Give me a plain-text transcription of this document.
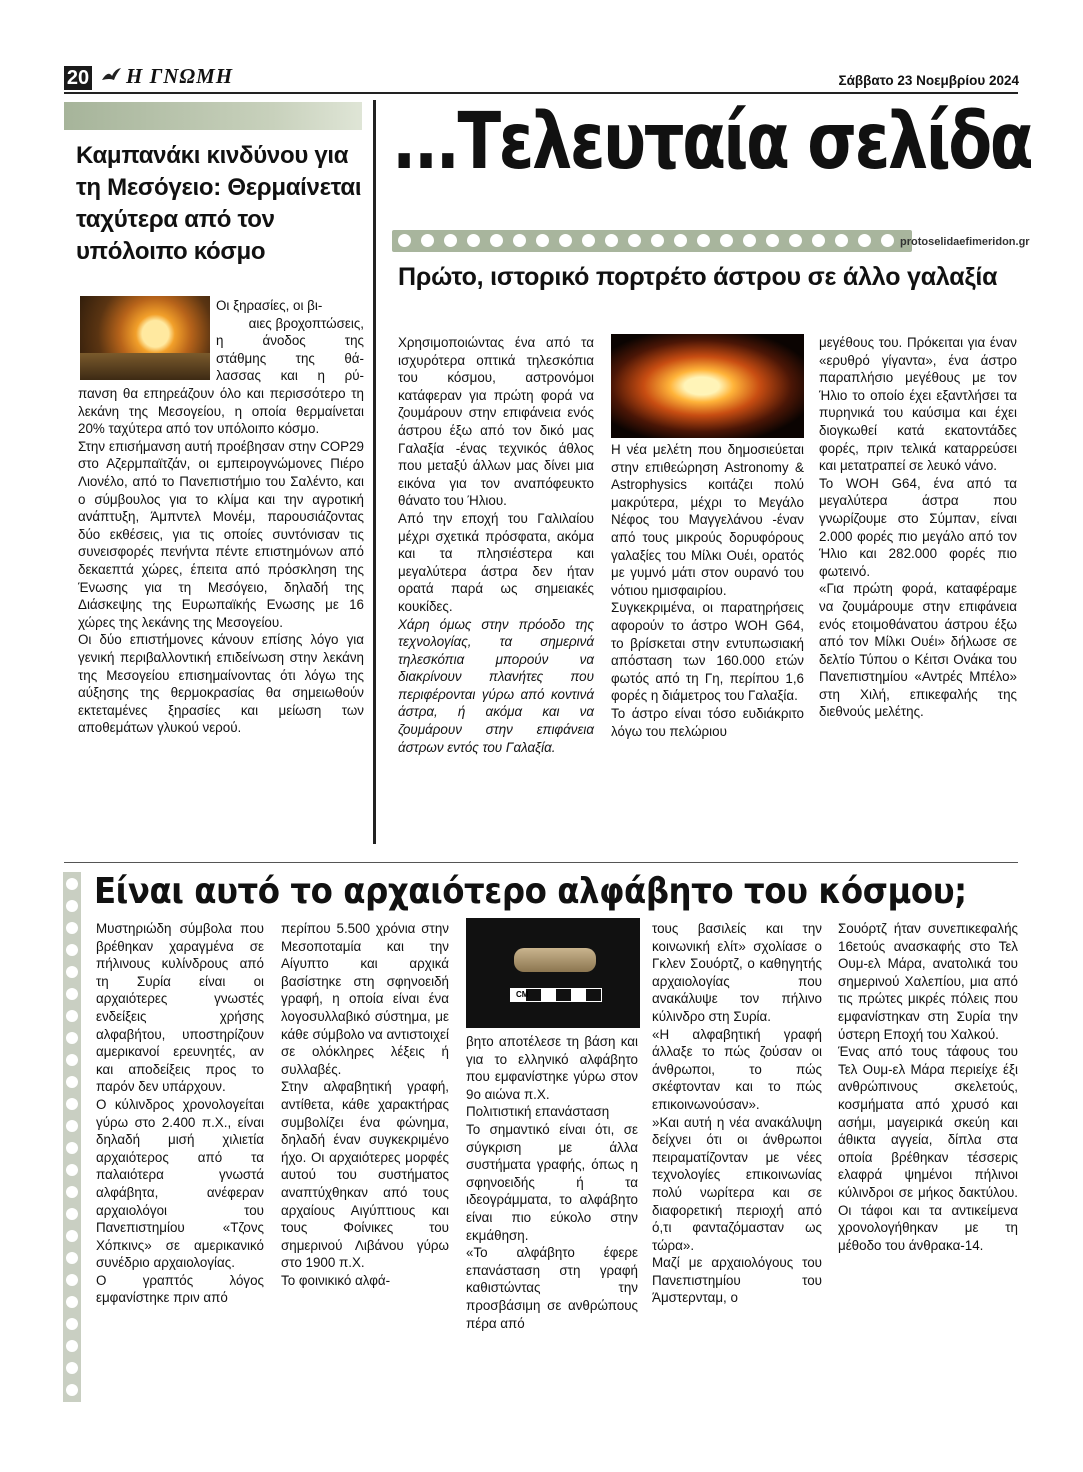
20 Η ΓΝΩΜΗ	Σάββατο 23 Νοεμβρίου 2024
Καμπανάκι κινδύνου για τη Μεσόγειο: Θερμαίνεται ταχύτερα από τον υπόλοιπο κόσμο

Οι ξηρασίες, οι βι-

αιες βροχοπτώσεις,

η άνοδος της

στάθμης της θά-

λασσας και η ρύ-

πανση θα επηρεάζουν όλο και περισσότερο τη λεκάνη της Μεσογείου, η οποία θερμαίνεται 20% ταχύτερα από τον υπόλοιπο κόσμο.

Στην επισήμανση αυτή προέβησαν στην COP29 στο Αζερμπαϊτζάν, οι εμπειρογνώμονες Πιέρο Λιονέλο, από το Πανεπιστήμιο του Σαλέντο, και ο σύμβουλος για το κλίμα και την αγροτική ανάπτυξη, Άμπντελ Μονέμ, παρουσιάζοντας δύο εκθέσεις, για τις οποίες συντόνισαν τις συνεισφορές πενήντα πέντε επιστημόνων από δεκαεπτά χώρες, έπειτα από πρόσκληση της Ένωσης για τη Μεσόγειο, δηλαδή της Διάσκεψης της Ευρωπαϊκής Ενωσης με 16 χώρες της λεκάνης της Μεσογείου.

Οι δύο επιστήμονες κάνουν επίσης λόγο για γενική περιβαλλοντική επιδείνωση στην λεκάνη της Μεσογείου επισημαίνοντας ότι λόγω της αύξησης της θερμοκρασίας θα σημειωθούν εκτεταμένες ξηρασίες και μείωση των αποθεμάτων γλυκού νερού.

...Τελευταία σελίδα
protoselidaefimeridon.gr
Πρώτο, ιστορικό πορτρέτο άστρου σε άλλο γαλαξία

Χρησιμοποιώντας ένα από τα ισχυρότερα οπτικά τηλεσκόπια του κόσμου, αστρονόμοι κατάφεραν για πρώτη φορά να ζουμάρουν στην επιφάνεια ενός άστρου έξω από τον δικό μας Γαλαξία -ένας τεχνικός άθλος που μεταξύ άλλων μας δίνει μια εικόνα για τον αναπόφευκτο θάνατο του Ήλιου.

Από την εποχή του Γαλιλαίου μέχρι σχετικά πρόσφατα, ακόμα και τα πλησιέστερα και μεγαλύτερα άστρα δεν ήταν ορατά παρά ως σημειακές κουκίδες.

Χάρη όμως στην πρόοδο της τεχνολογίας, τα σημερινά τηλεσκόπια μπορούν να διακρίνουν πλανήτες που περιφέρονται γύρω από κοντινά άστρα, ή ακόμα και να ζουμάρουν στην επιφάνεια άστρων εντός του Γαλαξία.

Η νέα μελέτη που δημοσιεύεται στην επιθεώρηση Astronomy & Astrophysics κοιτάζει πολύ μακρύτερα, μέχρι το Μεγάλο Νέφος του Μαγγελάνου -έναν από τους μικρούς δορυφόρους γαλαξίες του Μίλκι Ουέι, ορατός με γυμνό μάτι στον ουρανό του νότιου ημισφαιρίου.

Συγκεκριμένα, οι παρατηρήσεις αφορούν το άστρο WOH G64, το βρίσκεται στην εντυπωσιακή απόσταση των 160.000 ετών φωτός από τη Γη, περίπου 1,6 φορές η διάμετρος του Γαλαξία.

Το άστρο είναι τόσο ευδιάκριτο λόγω του πελώριου

μεγέθους του. Πρόκειται για έναν «ερυθρό γίγαντα», ένα άστρο παραπλήσιο μεγέθους με τον Ήλιο το οποίο έχει εξαντλήσει τα πυρηνικά του καύσιμα και έχει διογκωθεί κατά εκατοντάδες φορές, πριν τελικά καταρρεύσει και μετατραπεί σε λευκό νάνο.

Το WOH G64, ένα από τα μεγαλύτερα άστρα που γνωρίζουμε στο Σύμπαν, είναι 2.000 φορές πιο μεγάλο από τον Ήλιο και 282.000 φορές πιο φωτεινό.

«Για πρώτη φορά, καταφέραμε να ζουμάρουμε στην επιφάνεια ενός ετοιμοθάνατου άστρου έξω από τον Μίλκι Ουέι» δήλωσε σε δελτίο Τύπου ο Κέιτσι Ονάκα του Πανεπιστημίου «Αντρές Μπέλο» στη Χιλή, επικεφαλής της διεθνούς μελέτης.

Είναι αυτό το αρχαιότερο αλφάβητο του κόσμου;

Μυστηριώδη σύμβολα που βρέθηκαν χαραγμένα σε πήλινους κυλίνδρους από τη Συρία είναι οι αρχαιότερες γνωστές ενδείξεις χρήσης αλφαβήτου, υποστηρίζουν αμερικανοί ερευνητές, αν και αποδείξεις προς το παρόν δεν υπάρχουν.

Ο κύλινδρος χρονολογείται γύρω στο 2.400 π.Χ., είναι δηλαδή μισή χιλιετία αρχαιότερος από τα παλαιότερα γνωστά αλφάβητα, ανέφεραν αρχαιολόγοι του Πανεπιστημίου «Τζονς Χόπκινς» σε αμερικανικό συνέδριο αρχαιολογίας.

Ο γραπτός λόγος εμφανίστηκε πριν από

περίπου 5.500 χρόνια στην Μεσοποταμία και την Αίγυπτο και αρχικά βασίστηκε στη σφηνοειδή γραφή, η οποία είναι ένα λογοσυλλαβικό σύστημα, με κάθε σύμβολο να αντιστοιχεί σε ολόκληρες λέξεις ή συλλαβές.

Στην αλφαβητική γραφή, αντίθετα, κάθε χαρακτήρας συμβολίζει ένα φώνημα, δηλαδή έναν συγκεκριμένο ήχο. Οι αρχαιότερες μορφές αυτού του συστήματος αναπτύχθηκαν από τους αρχαίους Αιγύπτιους και τους Φοίνικες του σημερινού Λιβάνου γύρω στο 1900 π.Χ.

Το φοινικικό αλφά-

CM

βητο αποτέλεσε τη βάση και για το ελληνικό αλφάβητο που εμφανίστηκε γύρω στον 9ο αιώνα π.Χ.

Πολιτιστική επανάσταση

Το σημαντικό είναι ότι, σε σύγκριση με άλλα συστήματα γραφής, όπως η σφηνοειδής ή τα ιδεογράμματα, το αλφάβητο είναι πιο εύκολο στην εκμάθηση.

«Το αλφάβητο έφερε επανάσταση στη γραφή καθιστώντας την προσβάσιμη σε ανθρώπους πέρα από

τους βασιλείς και την κοινωνική ελίτ» σχολίασε ο Γκλεν Σουόρτζ, ο καθηγητής αρχαιολογίας που ανακάλυψε τον πήλινο κύλινδρο στη Συρία.

«Η αλφαβητική γραφή άλλαξε το πώς ζούσαν οι άνθρωποι, το πώς σκέφτονταν και το πώς επικοινωνούσαν».

»Και αυτή η νέα ανακάλυψη δείχνει ότι οι άνθρωποι πειραματίζονταν με νέες τεχνολογίες επικοινωνίας πολύ νωρίτερα και σε διαφορετική περιοχή από ό,τι φανταζόμασταν ως τώρα».

Μαζί με αρχαιολόγους του Πανεπιστημίου του Άμστερνταμ, ο

Σουόρτζ ήταν συνεπικεφαλής 16ετούς ανασκαφής στο Τελ Ουμ-ελ Μάρα, ανατολικά του σημερινού Χαλεπίου, μια από τις πρώτες μικρές πόλεις που εμφανίστηκαν στη Συρία την ύστερη Εποχή του Χαλκού.

Ένας από τους τάφους του Τελ Ουμ-ελ Μάρα περιείχε έξι ανθρώπινους σκελετούς, κοσμήματα από χρυσό και ασήμι, μαγειρικά σκεύη και άθικτα αγγεία, δίπλα στα οποία βρέθηκαν τέσσερις ελαφρά ψημένοι πήλινοι κύλινδροι σε μήκος δακτύλου. Οι τάφοι και τα αντικείμενα χρονολογήθηκαν με τη μέθοδο του άνθρακα-14.
